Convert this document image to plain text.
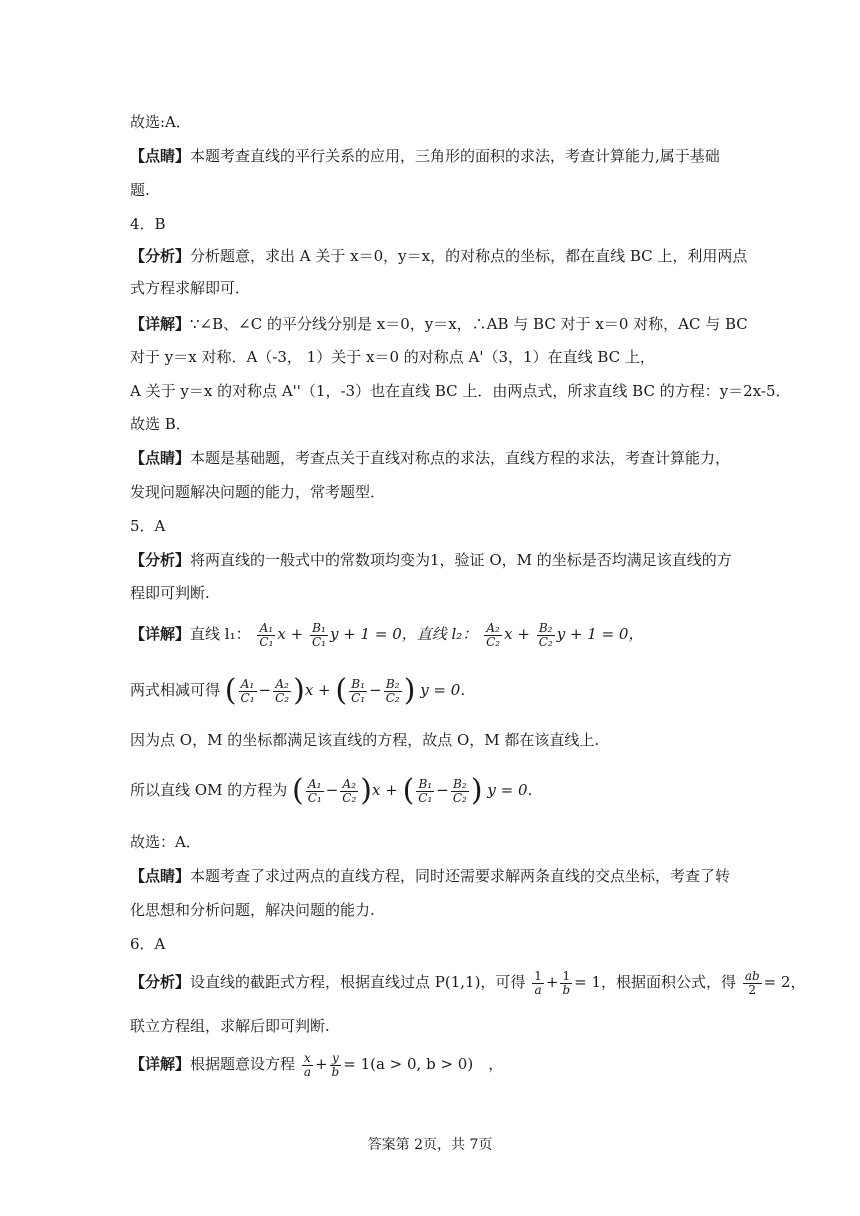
故选:A．
【点睛】本题考查直线的平行关系的应用，三角形的面积的求法，考查计算能力,属于基础
题.
4．B
【分析】分析题意，求出 A 关于 x＝0，y＝x，的对称点的坐标，都在直线 BC 上，利用两点
式方程求解即可．
【详解】∵∠B、∠C 的平分线分别是 x＝0，y＝x，∴AB 与 BC 对于 x＝0 对称，AC 与 BC
对于 y＝x 对称．A（-3， 1）关于 x＝0 的对称点 A'（3，1）在直线 BC 上，
A 关于 y＝x 的对称点 A''（1，-3）也在直线 BC 上．由两点式，所求直线 BC 的方程：y＝2x-5．
故选 B．
【点睛】本题是基础题，考查点关于直线对称点的求法，直线方程的求法，考查计算能力，
发现问题解决问题的能力，常考题型．
5．A
【分析】将两直线的一般式中的常数项均变为1，验证 O，M 的坐标是否均满足该直线的方
程即可判断.
【详解】直线 l₁： $\frac{\text{A₁}}{\text{C₁}}$ $x + \frac{\text{B₁}}{\text{C₁}}$ y + 1 = 0，直线 l₂： $\frac{\text{A₂}}{\text{C₂}}$ $x + \frac{\text{B₂}}{\text{C₂}}$ y + 1 = 0，
两式相减可得 ( $\frac{\text{A₁}}{\text{C₁}} - \frac{\text{A₂}}{\text{C₂}} )x$ + ( $\frac{\text{B₁}}{\text{C₁}} - \frac{\text{B₂}}{\text{C₂}}$ ) y = 0．
因为点 O，M 的坐标都满足该直线的方程，故点 O，M 都在该直线上.
所以直线 OM 的方程为 ( $\frac{\text{A₁}}{\text{C₁}} - \frac{\text{A₂}}{\text{C₂}} )x$ + ( $\frac{\text{B₁}}{\text{C₁}} - \frac{\text{B₂}}{\text{C₂}}$ ) y = 0．
故选：A．
【点睛】本题考查了求过两点的直线方程，同时还需要求解两条直线的交点坐标，考查了转
化思想和分析问题，解决问题的能力.
6．A
【分析】设直线的截距式方程，根据直线过点 P(1,1)，可得 $\frac{1}{a} + \frac{1}{b} = 1$，根据面积公式，得 $\frac{ab}{2} = 2$，
联立方程组，求解后即可判断.
【详解】根据题意设方程 $\frac{x}{a} + \frac{y}{b} = 1(a > 0$, b > 0)　，
答案第 2页，共 7页
